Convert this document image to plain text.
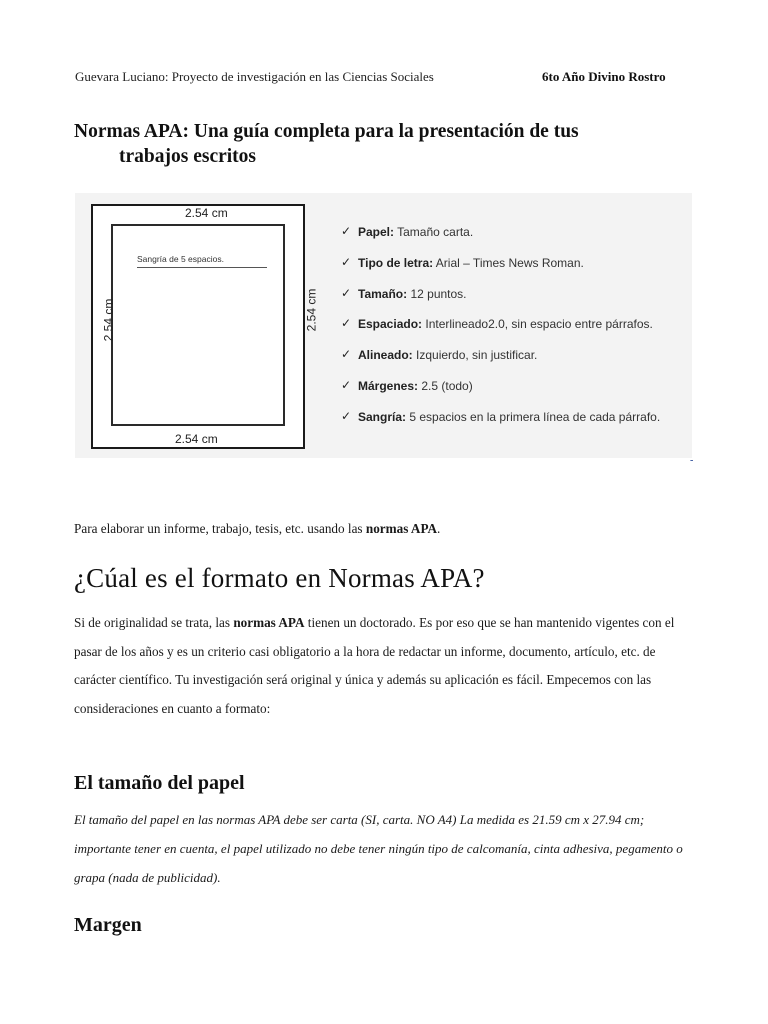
Guevara Luciano: Proyecto de investigación en las Ciencias Sociales	6to Año Divino Rostro
Normas APA: Una guía completa para la presentación de tus
trabajos escritos
Sangría de 5 espacios.
2.54 cm
2.54 cm
2.54 cm	2.54 cm
✓ Papel: Tamaño carta.
✓ Tipo de letra: Arial – Times News Roman.
✓ Tamaño: 12 puntos.
✓ Espaciado: Interlineado2.0, sin espacio entre párrafos.
✓ Alineado: Izquierdo, sin justificar.
✓ Márgenes: 2.5 (todo)
✓ Sangría: 5 espacios en la primera línea de cada párrafo.
-

Para elaborar un informe, trabajo, tesis, etc. usando las normas APA.

¿Cúal es el formato en Normas APA?

Si de originalidad se trata, las normas APA tienen un doctorado. Es por eso que se han mantenido vigentes con el pasar de los años y es un criterio casi obligatorio a la hora de redactar un informe, documento, artículo, etc. de carácter científico. Tu investigación será original y única y además su aplicación es fácil. Empecemos con las consideraciones en cuanto a formato:

El tamaño del papel

El tamaño del papel en las normas APA debe ser carta (SI, carta. NO A4) La medida es 21.59 cm x 27.94 cm; importante tener en cuenta, el papel utilizado no debe tener ningún tipo de calcomanía, cinta adhesiva, pegamento o grapa (nada de publicidad).

Margen
